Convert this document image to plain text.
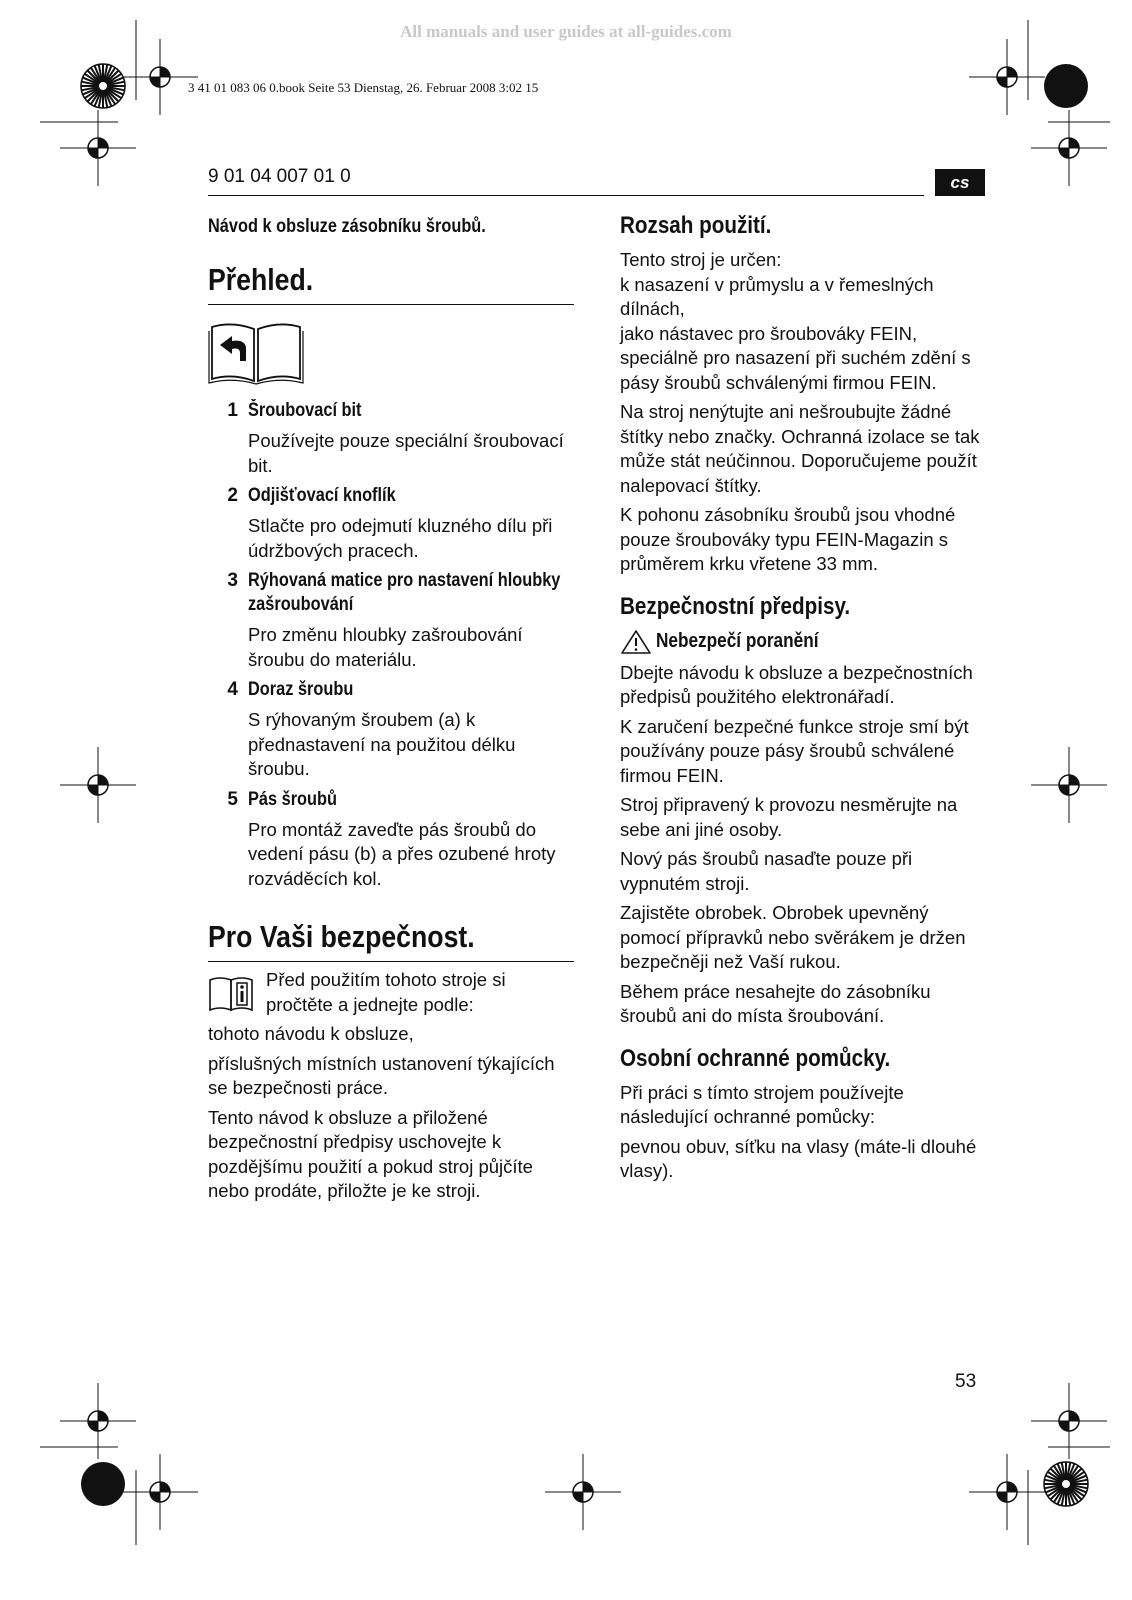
All manuals and user guides at all-guides.com
3 41 01 083 06 0.book Seite 53 Dienstag, 26. Februar 2008 3:02 15
9 01 04 007 01 0	cs
Návod k obsluze zásobníku šroubů.
Přehled.
1 Šroubovací bit
Používejte pouze speciální šroubovací bit.
2 Odjišťovací knoflík
Stlačte pro odejmutí kluzného dílu při údržbových pracech.
3 Rýhovaná matice pro nastavení hloubky
zašroubování
Pro změnu hloubky zašroubování šroubu do materiálu.
4 Doraz šroubu
S rýhovaným šroubem (a) k přednastavení na použitou délku šroubu.
5 Pás šroubů
Pro montáž zaveďte pás šroubů do vedení pásu (b) a přes ozubené hroty rozváděcích kol.
Pro Vaši bezpečnost.

Před použitím tohoto stroje si pročtěte a jednejte podle:

tohoto návodu k obsluze,

příslušných místních ustanovení týkajících se bezpečnosti práce.

Tento návod k obsluze a přiložené bezpečnostní předpisy uschovejte k pozdějšímu použití a pokud stroj půjčíte nebo prodáte, přiložte je ke stroji.

Rozsah použití.

Tento stroj je určen:

k nasazení v průmyslu a v řemeslných dílnách,

jako nástavec pro šroubováky FEIN, speciálně pro nasazení při suchém zdění s pásy šroubů schválenými firmou FEIN.

Na stroj nenýtujte ani nešroubujte žádné štítky nebo značky. Ochranná izolace se tak může stát neúčinnou. Doporučujeme použít nalepovací štítky.

K pohonu zásobníku šroubů jsou vhodné pouze šroubováky typu FEIN-Magazin s průměrem krku vřetene 33 mm.

Bezpečnostní předpisy.
Nebezpečí poranění

Dbejte návodu k obsluze a bezpečnostních předpisů použitého elektronářadí.

K zaručení bezpečné funkce stroje smí být používány pouze pásy šroubů schválené firmou FEIN.

Stroj připravený k provozu nesměrujte na sebe ani jiné osoby.

Nový pás šroubů nasaďte pouze při vypnutém stroji.

Zajistěte obrobek. Obrobek upevněný pomocí přípravků nebo svěrákem je držen bezpečněji než Vaší rukou.

Během práce nesahejte do zásobníku šroubů ani do místa šroubování.

Osobní ochranné pomůcky.

Při práci s tímto strojem používejte následující ochranné pomůcky:

pevnou obuv, síťku na vlasy (máte-li dlouhé vlasy).

53
